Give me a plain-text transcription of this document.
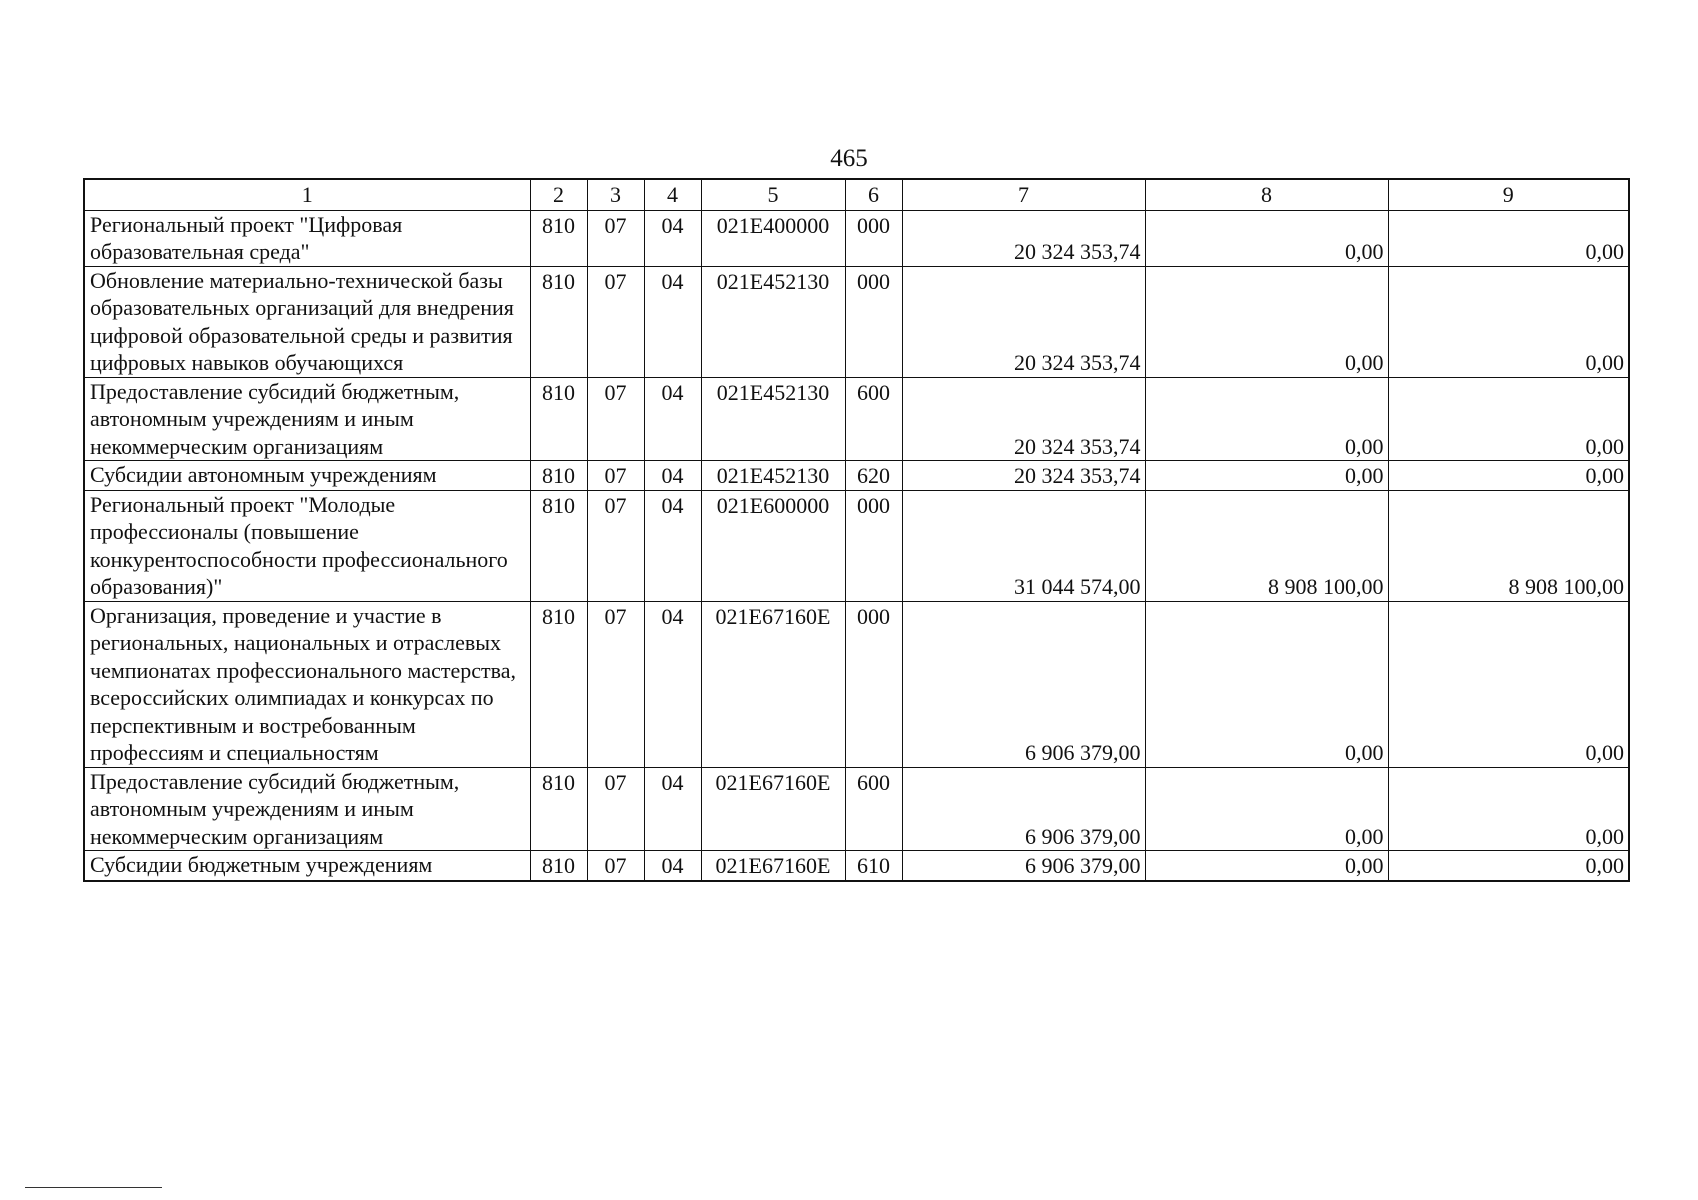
465
1	2	3	4	5	6	7	8	9
Региональный проект "Цифровая образовательная среда"	810	07	04	021E400000	000	20 324 353,74	0,00	0,00
Обновление материально-технической базы образовательных организаций для внедрения цифровой образовательной среды и развития цифровых навыков обучающихся	810	07	04	021E452130	000	20 324 353,74	0,00	0,00
Предоставление субсидий бюджетным, автономным учреждениям и иным некоммерческим организациям	810	07	04	021E452130	600	20 324 353,74	0,00	0,00
Субсидии автономным учреждениям	810	07	04	021E452130	620	20 324 353,74	0,00	0,00
Региональный проект "Молодые профессионалы (повышение конкурентоспособности профессионального образования)"	810	07	04	021E600000	000	31 044 574,00	8 908 100,00	8 908 100,00
Организация, проведение и участие в региональных, национальных и отраслевых чемпионатах профессионального мастерства, всероссийских олимпиадах и конкурсах по перспективным и востребованным профессиям и специальностям	810	07	04	021E67160E	000	6 906 379,00	0,00	0,00
Предоставление субсидий бюджетным, автономным учреждениям и иным некоммерческим организациям	810	07	04	021E67160E	600	6 906 379,00	0,00	0,00
Субсидии бюджетным учреждениям	810	07	04	021E67160E	610	6 906 379,00	0,00	0,00
